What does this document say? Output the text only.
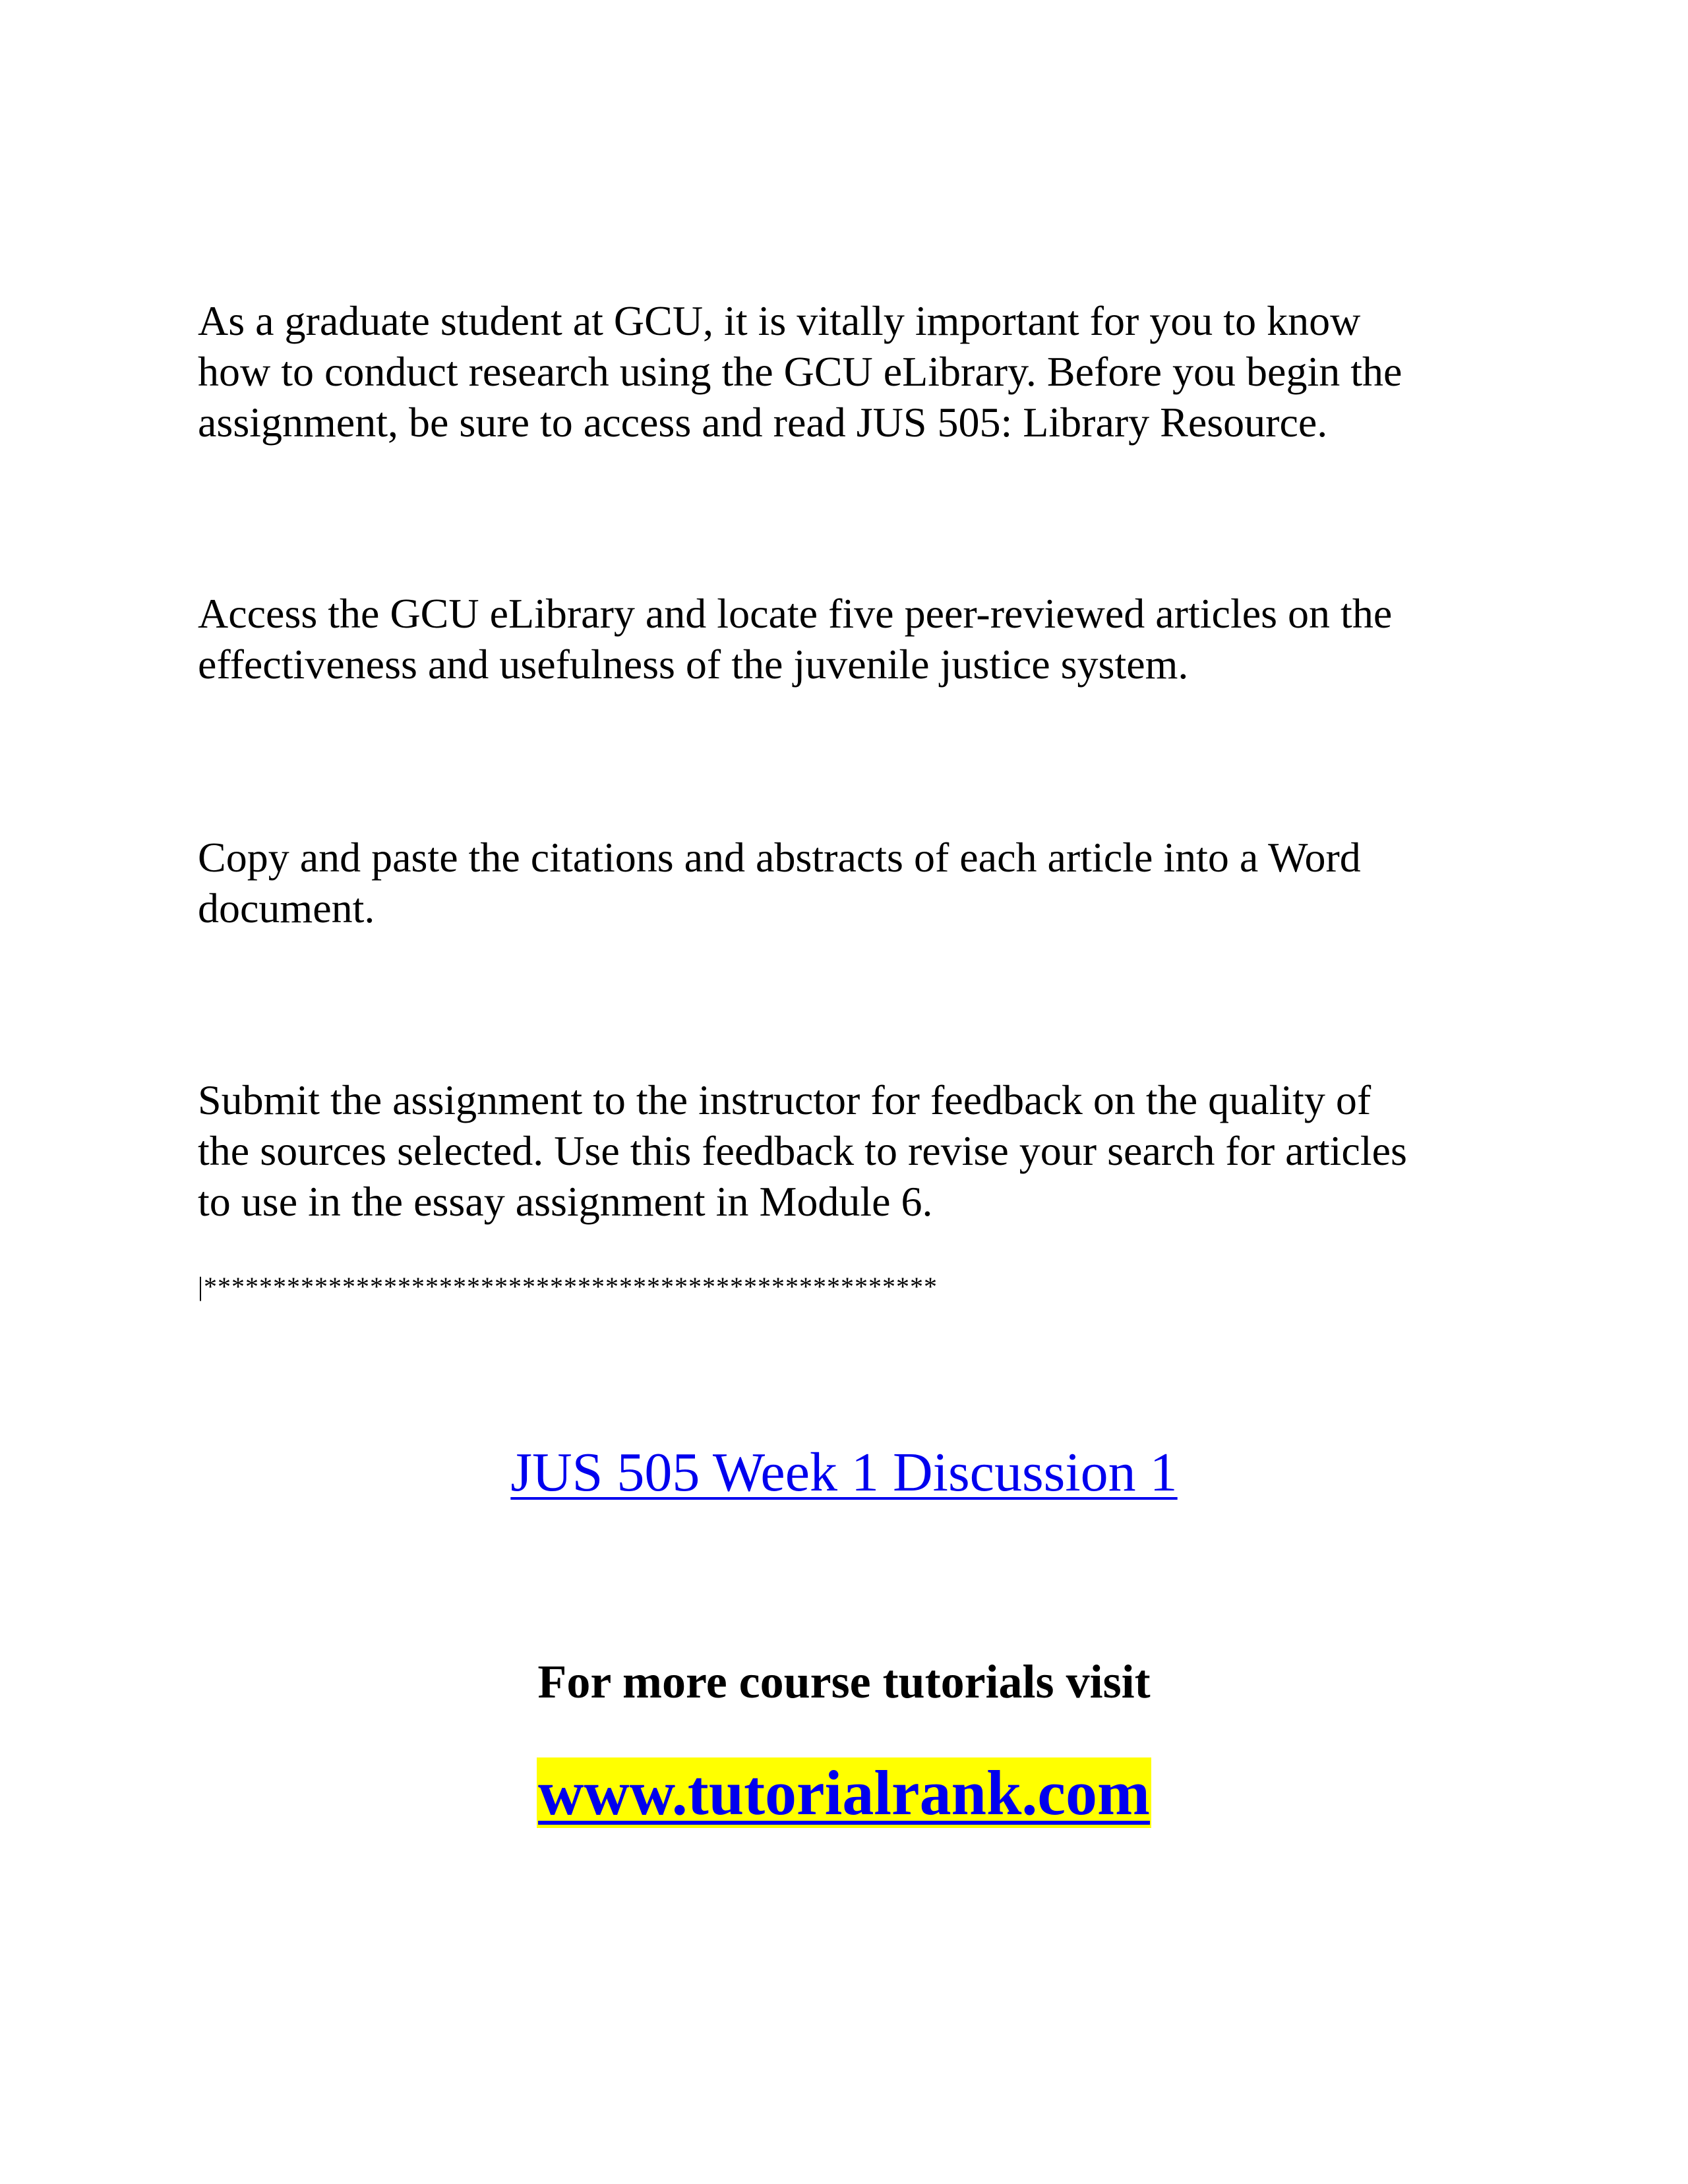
As a graduate student at GCU, it is vitally important for you to know
how to conduct research using the GCU eLibrary. Before you begin the
assignment, be sure to access and read JUS 505: Library Resource.

Access the GCU eLibrary and locate five peer-reviewed articles on the
effectiveness and usefulness of the juvenile justice system.

Copy and paste the citations and abstracts of each article into a Word
document.

Submit the assignment to the instructor for feedback on the quality of
the sources selected. Use this feedback to revise your search for articles
to use in the essay assignment in Module 6.

|*****************************************************
JUS 505 Week 1 Discussion 1
For more course tutorials visit
www.tutorialrank.com
